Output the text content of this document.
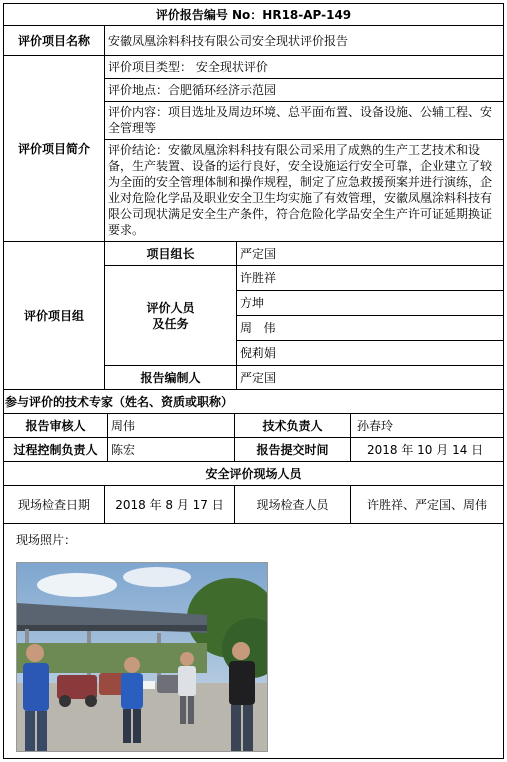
评价报告编号 No： HR18-AP-149
评价项目名称	安徽凤凰涂料科技有限公司安全现状评价报告
评价项目简介
评价项目类型： 安全现状评价
评价地点：合肥循环经济示范园
评价内容：项目选址及周边环境、总平面布置、设备设施、公辅工程、安全管理等
评价结论：安徽凤凰涂料科技有限公司采用了成熟的生产工艺技术和设备，生产装置、设备的运行良好，安全设施运行安全可靠，企业建立了较为全面的安全管理体制和操作规程，制定了应急救援预案并进行演练，企业对危险化学品及职业安全卫生均实施了有效管理，安徽凤凰涂料科技有限公司现状满足安全生产条件，符合危险化学品安全生产许可证延期换证要求。
评价项目组
项目组长	严定国
评价人员
及任务
许胜祥
方坤
周   伟
倪莉娟
报告编制人	严定国
参与评价的技术专家（姓名、资质或职称）
报告审核人	周伟	技术负责人	孙春玲
过程控制负责人	陈宏	报告提交时间	2018 年 10 月 14 日
安全评价现场人员
现场检查日期	2018 年 8 月 17 日	现场检查人员	许胜祥、严定国、周伟
现场照片：
